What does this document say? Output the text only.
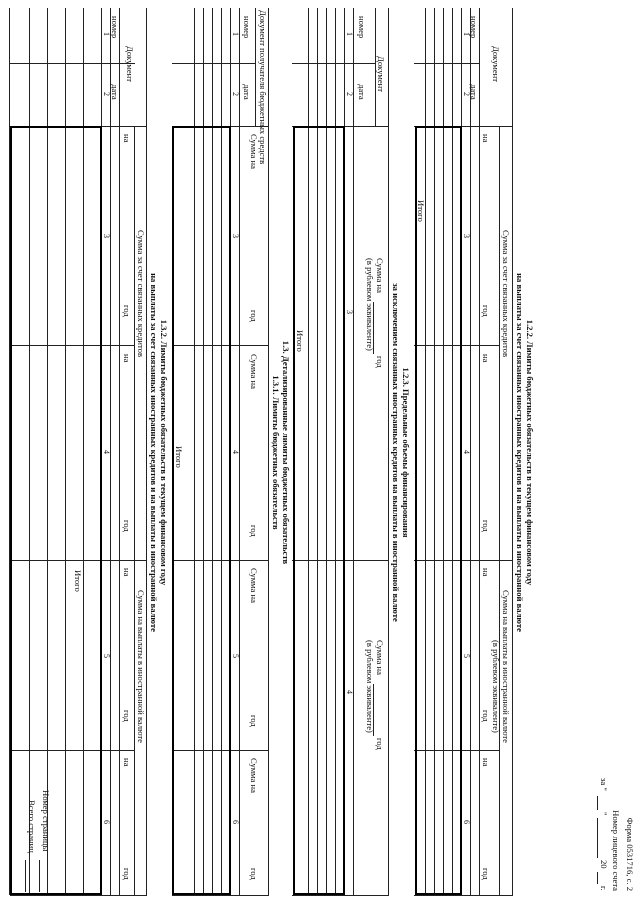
Форма 0531716, с. 2
Номер лицевого счета
за "
"
20
г.
1.2.2. Лимиты бюджетных обязательств в текущем финансовом году
на выплаты за счет связанных иностранных кредитов и на выплаты в иностранной валюте
Документ
номер
дата
Сумма за счет связанных кредитов
Сумма на выплаты в иностранной валюте
(в рублевом эквиваленте)
на
год
на
год
на
год
на
год
1
2
3
4
5
6
Итого
1.2.3. Предельные объемы финансирования
за исключением связанных иностранных кредитов на выплаты в иностранной валюте
Документ
номер
дата
Сумма на
год
(в рублевом эквиваленте)
Сумма на
год
(в рублевом эквиваленте)
1
2
3
4
Итого
1.3. Детализированные лимиты бюджетных обязательств
1.3.1. Лимиты бюджетных обязательств
Документ получателя бюджетных средств
номер
дата
Сумма на
год
Сумма на
год
Сумма на
год
Сумма на
год
1
2
3
4
5
6
Итого
1.3.2. Лимиты бюджетных обязательств в текущем финансовом году
на выплаты за счет связанных иностранных кредитов и на выплаты в иностранной валюте
Документ
номер
дата
Сумма за счет связанных кредитов
Сумма на выплаты в иностранной валюте
на
год
на
год
на
год
на
год
1
2
3
4
5
6
Итого
Номер страницы
Всего страниц
